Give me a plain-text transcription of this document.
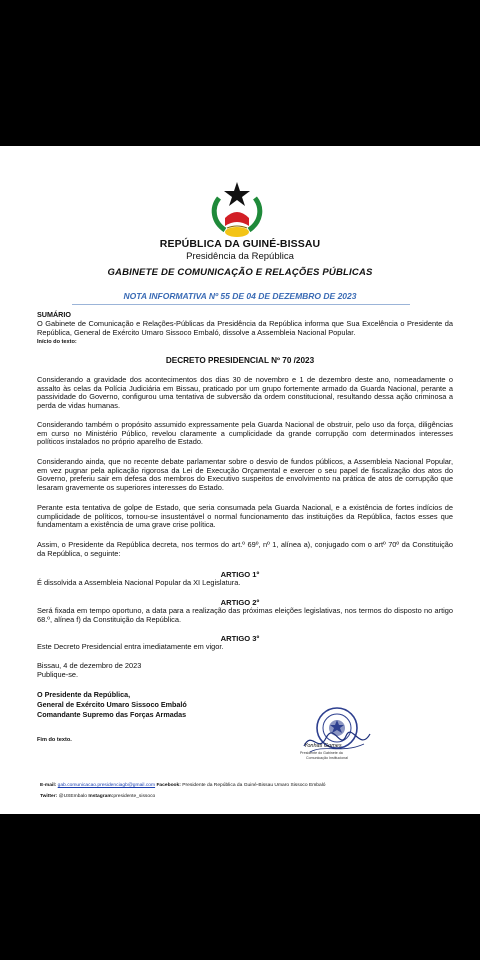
REPÚBLICA DA GUINÉ-BISSAU
Presidência da República
GABINETE DE COMUNICAÇÃO E RELAÇÕES PÚBLICAS
NOTA INFORMATIVA Nº 55 DE 04 DE DEZEMBRO DE 2023
SUMÁRIO
O Gabinete de Comunicação e Relações-Públicas da Presidência da República informa que Sua Excelência o Presidente da República, General de Exército Umaro Sissoco Embaló, dissolve a Assembleia Nacional Popular.
Início do texto:
DECRETO PRESIDENCIAL Nº 70 /2023
Considerando a gravidade dos acontecimentos dos dias 30 de novembro e 1 de dezembro deste ano, nomeadamente o assalto às celas da Polícia Judiciária em Bissau, praticado por um grupo fortemente armado da Guarda Nacional, perante a passividade do Governo, configurou uma tentativa de subversão da ordem constitucional, resultando dessa ação criminosa a perda de vidas humanas.
Considerando também o propósito assumido expressamente pela Guarda Nacional de obstruir, pelo uso da força, diligências em curso no Ministério Público, revelou claramente a cumplicidade da grande corrupção com determinados interesses políticos instalados no próprio aparelho de Estado.
Considerando ainda, que no recente debate parlamentar sobre o desvio de fundos públicos, a Assembleia Nacional Popular, em vez pugnar pela aplicação rigorosa da Lei de Execução Orçamental e exercer o seu papel de fiscalização dos atos do Governo, preferiu sair em defesa dos membros do Executivo suspeitos de envolvimento na prática de atos de corrupção que lesaram gravemente os superiores interesses do Estado.
Perante esta tentativa de golpe de Estado, que seria consumada pela Guarda Nacional, e a existência de fortes indícios de cumplicidade de políticos, tornou-se insustentável o normal funcionamento das instituições da República, factos esses que fundamentam a existência de uma grave crise política.
Assim, o Presidente da República decreta, nos termos do art.º 69º, nº 1, alínea a), conjugado com o artº 70º da Constituição da República, o seguinte:
ARTIGO 1º
É dissolvida a Assembleia Nacional Popular da XI Legislatura.
ARTIGO 2º
Será fixada em tempo oportuno, a data para a realização das próximas eleições legislativas, nos termos do disposto no artigo 68.º, alínea f) da Constituição da República.
ARTIGO 3º
Este Decreto Presidencial entra imediatamente em vigor.
Bissau, 4 de dezembro de 2023
Publique-se.
O Presidente da República,
General de Exército Umaro Sissoco Embaló
Comandante Supremo das Forças Armadas
Fim do texto.
Yonhas Gomes
Presidente do Gabinete da
Comunicação Institucional
E-mail: gab.comunicacao.presidenciagb@gmail.com Facebook: Presidente da República da Guiné-Bissau Umaro Sissoco Embaló
Twitter: @USEmbalo Instagram:presidente_sissoco
